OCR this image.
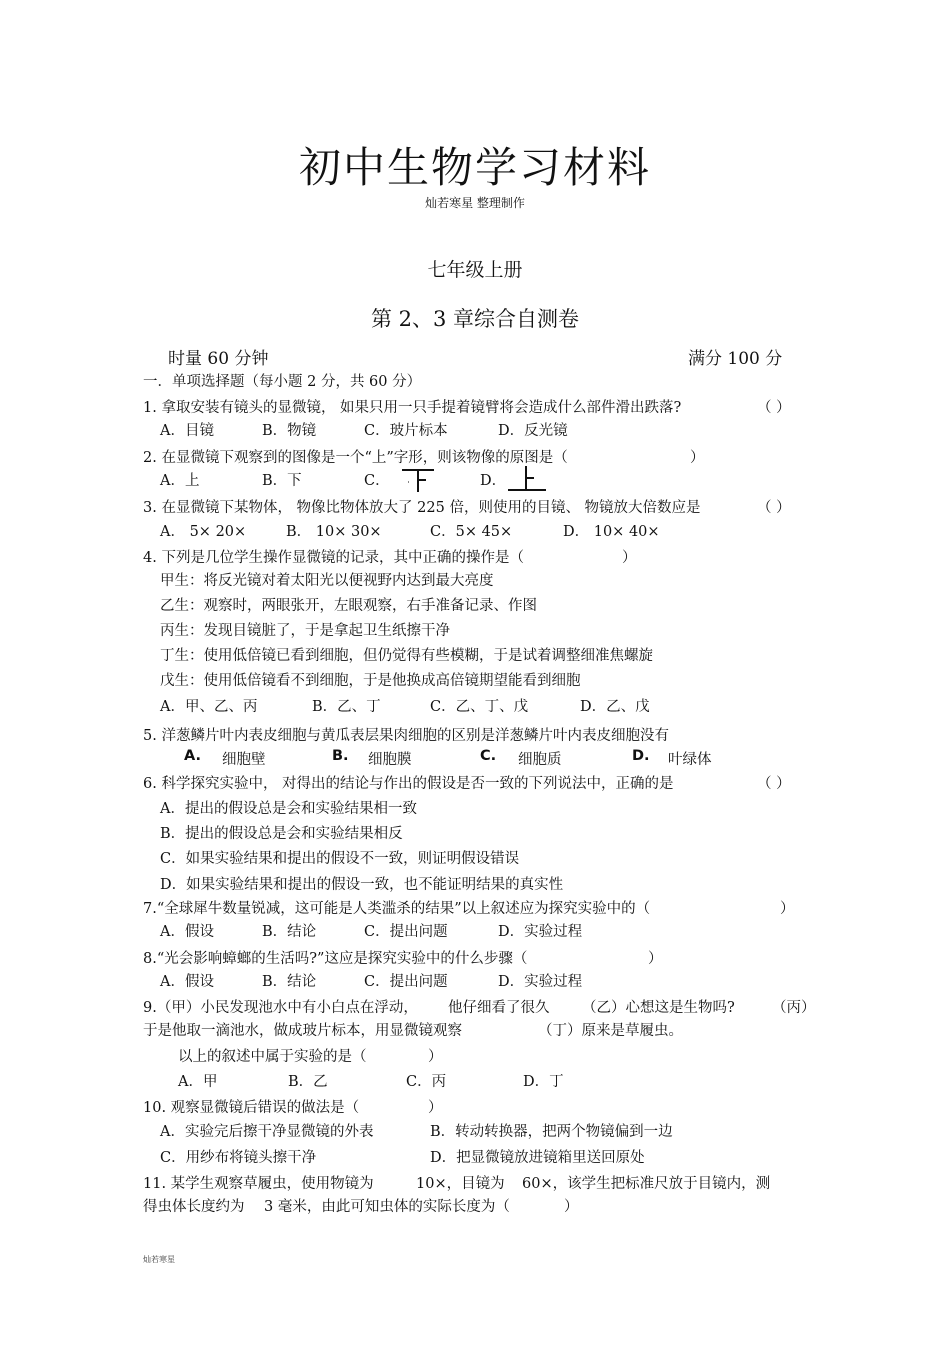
初中生物学习材料
灿若寒星 整理制作
七年级上册
第 2、3 章综合自测卷
时量 60 分钟	满分 100 分
一．单项选择题（每小题 2 分，共 60 分）
1. 拿取安装有镜头的显微镜， 如果只用一只手提着镜臂将会造成什么部件滑出跌落?	（ ）
A．目镜	B．物镜	C．玻片标本	D．反光镜
2. 在显微镜下观察到的图像是一个“上”字形，则该物像的原图是（	）
A．上	B．下	C．	D．
3. 在显微镜下某物体， 物像比物体放大了 225 倍，则使用的目镜、 物镜放大倍数应是	（ ）
A． 5× 20×	B． 10× 30×	C．5× 45×	D． 10× 40×
4. 下列是几位学生操作显微镜的记录，其中正确的操作是（	）
甲生：将反光镜对着太阳光以便视野内达到最大亮度
乙生：观察时，两眼张开，左眼观察，右手准备记录、作图
丙生：发现目镜脏了，于是拿起卫生纸擦干净
丁生：使用低倍镜已看到细胞，但仍觉得有些模糊，于是试着调整细准焦螺旋
戊生：使用低倍镜看不到细胞，于是他换成高倍镜期望能看到细胞
A．甲、乙、丙	B．乙、丁	C．乙、丁、戊	D．乙、戊
5. 洋葱鳞片叶内表皮细胞与黄瓜表层果肉细胞的区别是洋葱鳞片叶内表皮细胞没有
A. 细胞壁	B. 细胞膜	C. 细胞质	D. 叶绿体
6. 科学探究实验中， 对得出的结论与作出的假设是否一致的下列说法中，正确的是	（ ）
A．提出的假设总是会和实验结果相一致
B．提出的假设总是会和实验结果相反
C．如果实验结果和提出的假设不一致，则证明假设错误
D．如果实验结果和提出的假设一致，也不能证明结果的真实性
7.“全球犀牛数量锐减，这可能是人类滥杀的结果”以上叙述应为探究实验中的（	）
A．假设	B．结论	C．提出问题	D．实验过程
8.“光会影响蟑螂的生活吗?”这应是探究实验中的什么步骤（	）
A．假设	B．结论	C．提出问题	D．实验过程
9.（甲）小民发现池水中有小白点在浮动， 他仔细看了很久 （乙）心想这是生物吗?	（丙）
于是他取一滴池水，做成玻片标本，用显微镜观察	（丁）原来是草履虫。
以上的叙述中属于实验的是（	）
A．甲	B．乙	C．丙	D．丁
10. 观察显微镜后错误的做法是（	）
A．实验完后擦干净显微镜的外表	B．转动转换器，把两个物镜偏到一边
C．用纱布将镜头擦干净	D．把显微镜放进镜箱里送回原处
11. 某学生观察草履虫，使用物镜为	10×，目镜为 60×，该学生把标准尺放于目镜内，测
得虫体长度约为 3 毫米，由此可知虫体的实际长度为（	）
灿若寒星
